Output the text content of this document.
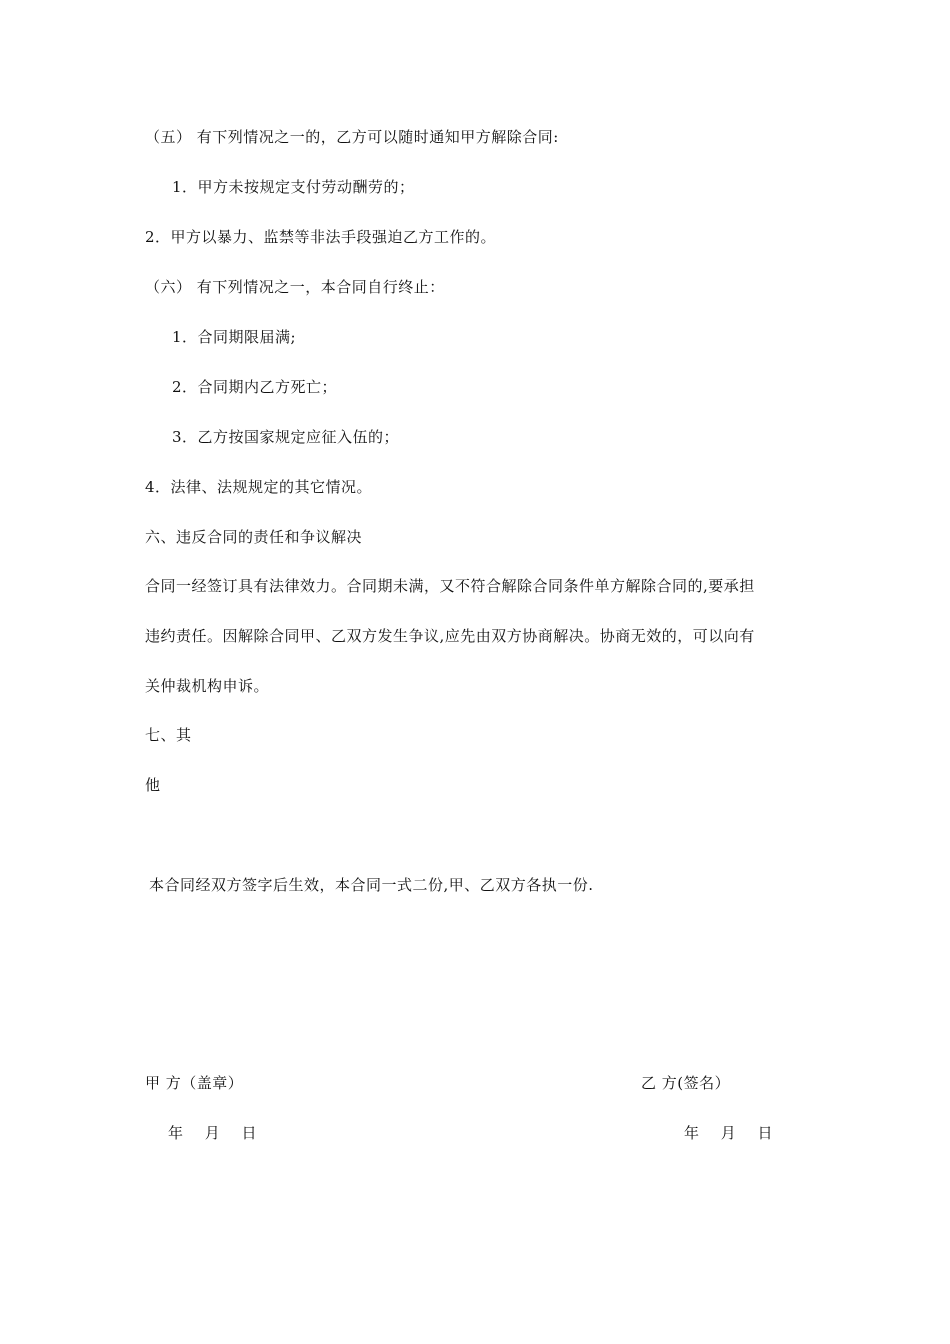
（五） 有下列情况之一的，乙方可以随时通知甲方解除合同:
1．甲方未按规定支付劳动酬劳的；
2．甲方以暴力、监禁等非法手段强迫乙方工作的。
（六） 有下列情况之一，本合同自行终止：
1．合同期限届满;
2．合同期内乙方死亡；
3．乙方按国家规定应征入伍的；
4．法律、法规规定的其它情况。
六、违反合同的责任和争议解决
合同一经签订具有法律效力。合同期未满，又不符合解除合同条件单方解除合同的,要承担
违约责任。因解除合同甲、乙双方发生争议,应先由双方协商解决。协商无效的，可以向有
关仲裁机构申诉。
七、其
他
本合同经双方签字后生效，本合同一式二份,甲、乙双方各执一份.
甲 方（盖章）	乙 方(签名）
年 月 日	年 月 日
